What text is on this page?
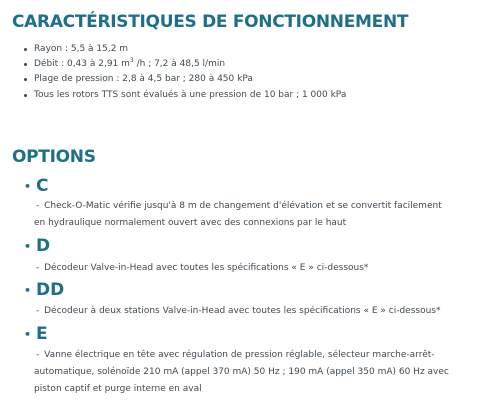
CARACTÉRISTIQUES DE FONCTIONNEMENT
Rayon : 5,5 à 15,2 m
Débit : 0,43 à 2,91 $m^3$ /h ; 7,2 à 48,5 l/min
Plage de pression : 2,8 à 4,5 bar ; 280 à 450 kPa
Tous les rotors TTS sont évalués à une pression de 10 bar ; 1 000 kPa
OPTIONS
• C
- Check-O-Matic vérifie jusqu'à 8 m de changement d'élévation et se convertit facilement en hydraulique normalement ouvert avec des connexions par le haut
• D
- Décodeur Valve-in-Head avec toutes les spécifications « E » ci-dessous*
• DD
- Décodeur à deux stations Valve-in-Head avec toutes les spécifications « E » ci-dessous*
• E
- Vanne électrique en tête avec régulation de pression réglable, sélecteur marche-arrêt-automatique, solénoïde 210 mA (appel 370 mA) 50 Hz ; 190 mA (appel 350 mA) 60 Hz avec piston captif et purge interne en aval
